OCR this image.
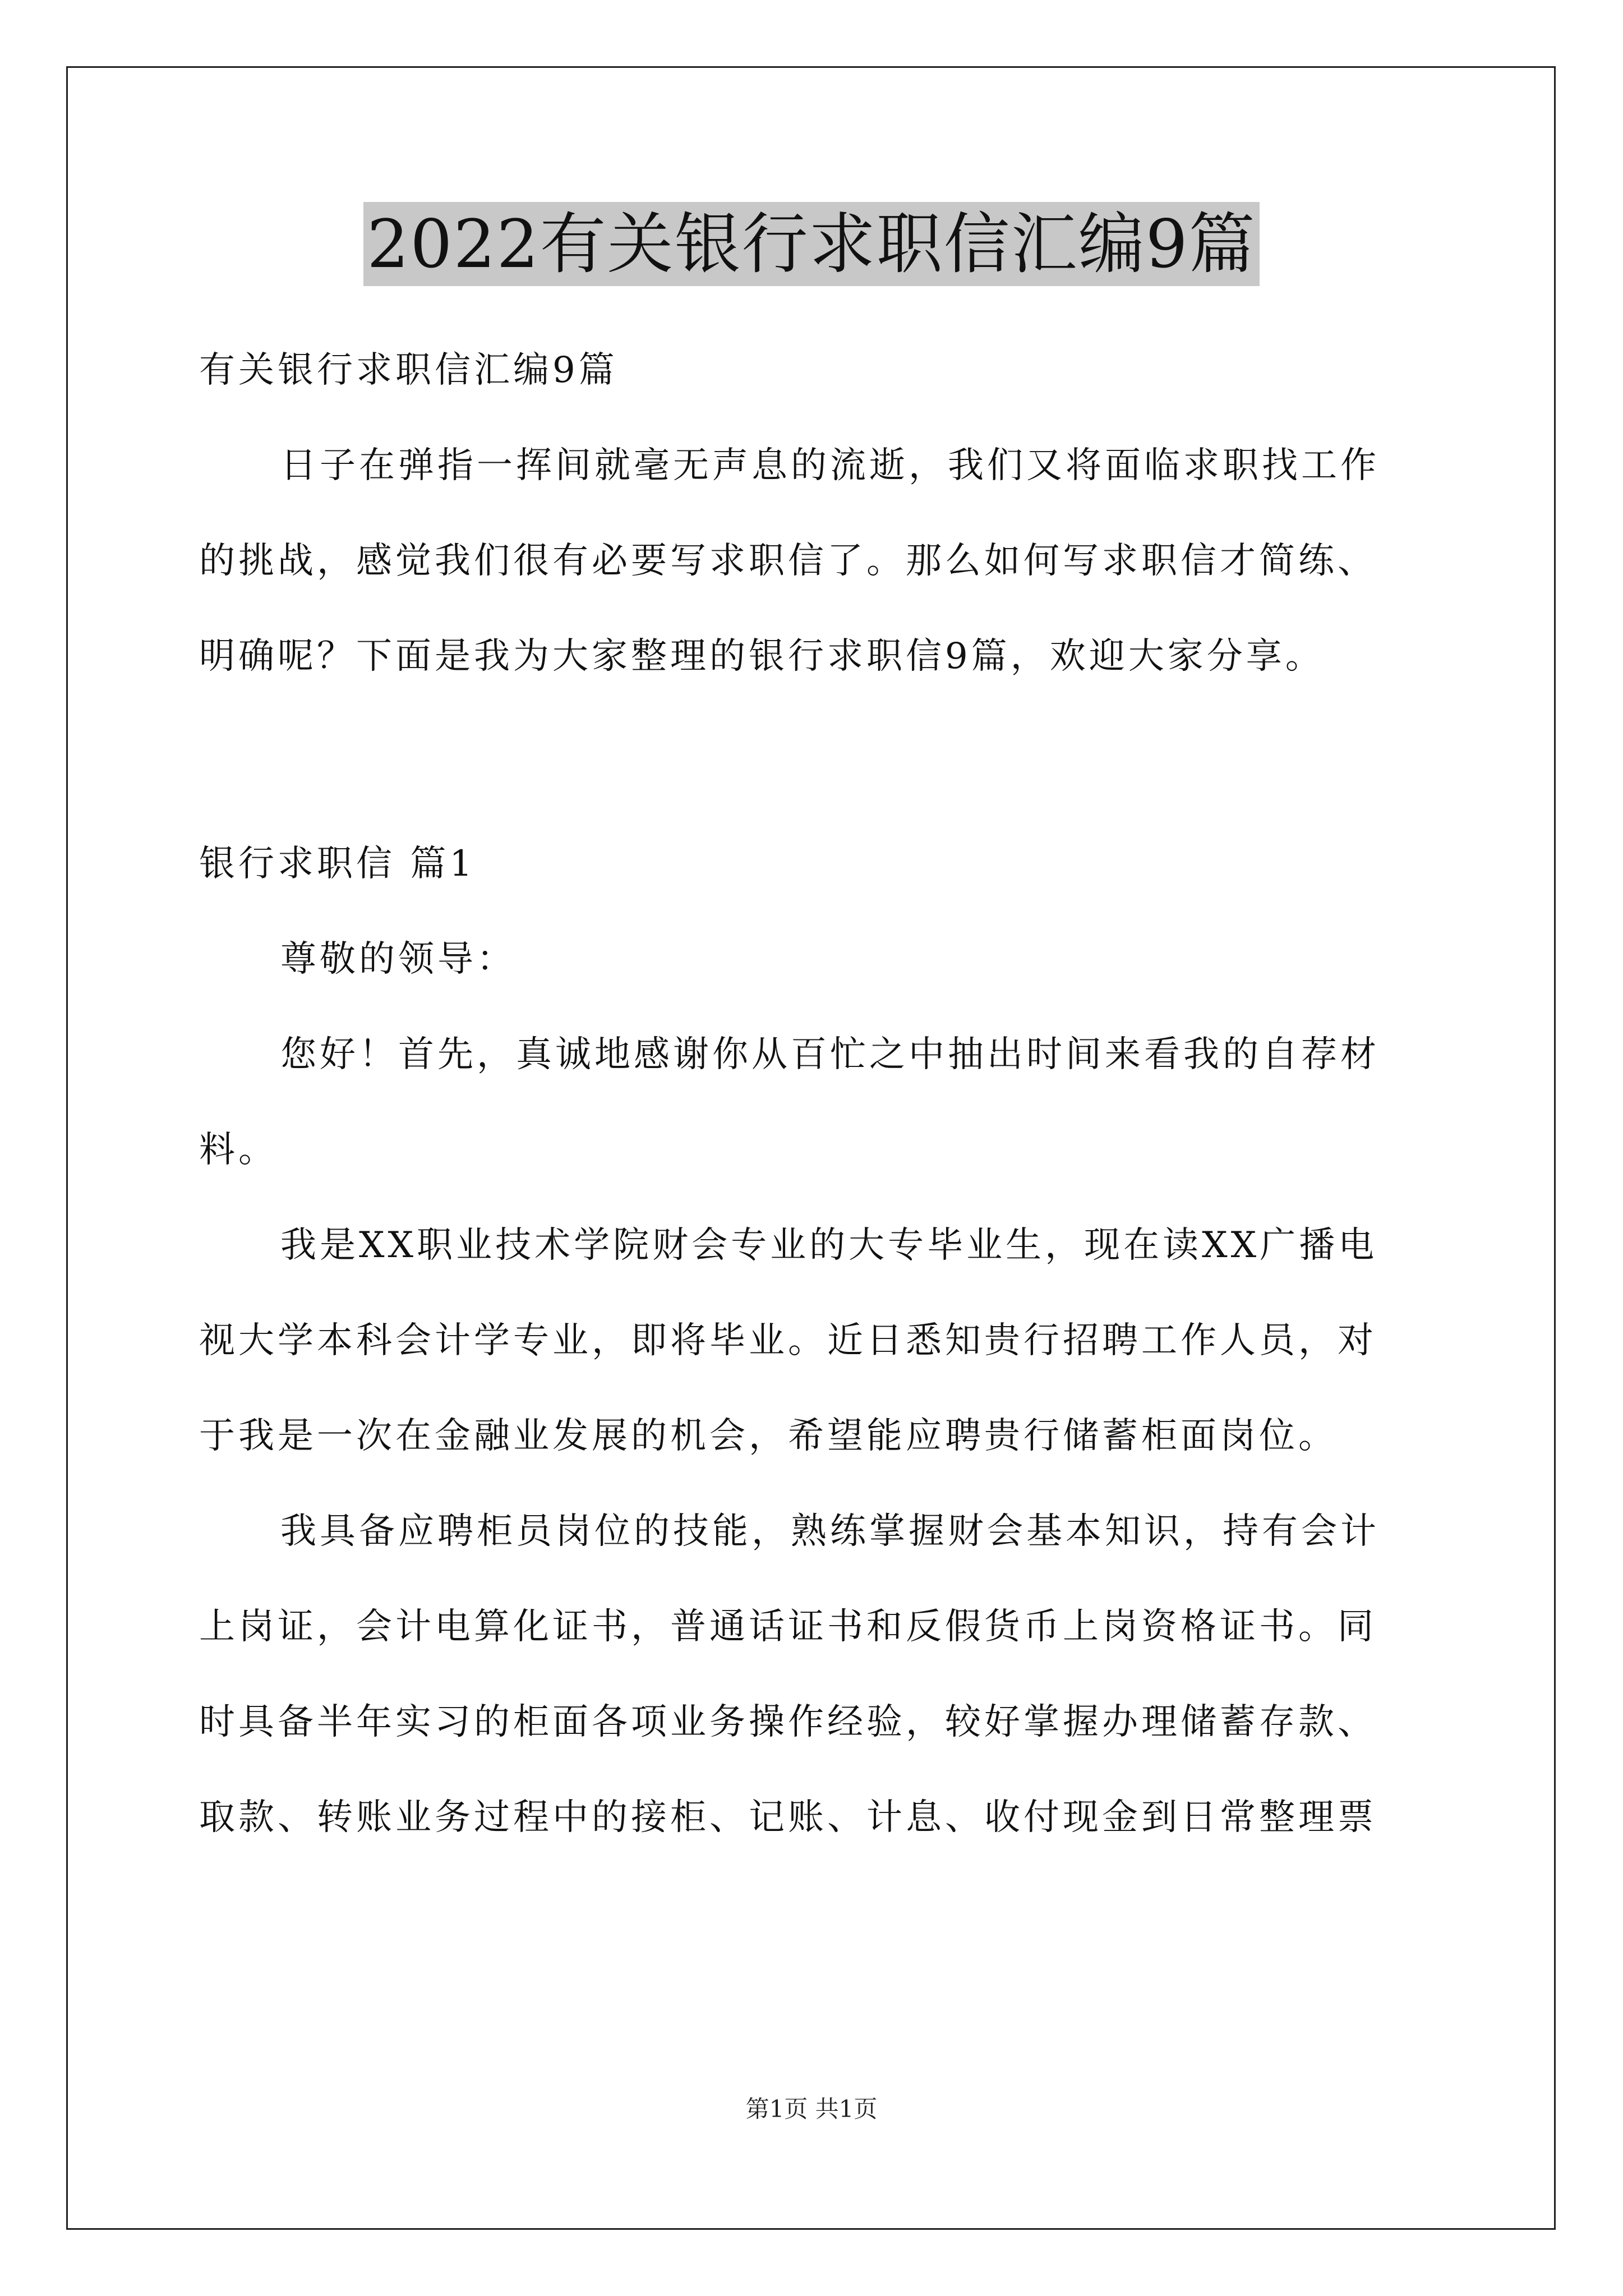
2022有关银行求职信汇编9篇
有关银行求职信汇编9篇
日子在弹指一挥间就毫无声息的流逝，我们又将面临求职找工作
的挑战，感觉我们很有必要写求职信了。那么如何写求职信才简练、
明确呢？下面是我为大家整理的银行求职信9篇，欢迎大家分享。
银行求职信 篇1
尊敬的领导：
您好！首先，真诚地感谢你从百忙之中抽出时间来看我的自荐材
料。
我是XX职业技术学院财会专业的大专毕业生，现在读XX广播电
视大学本科会计学专业，即将毕业。近日悉知贵行招聘工作人员，对
于我是一次在金融业发展的机会，希望能应聘贵行储蓄柜面岗位。
我具备应聘柜员岗位的技能，熟练掌握财会基本知识，持有会计
上岗证，会计电算化证书，普通话证书和反假货币上岗资格证书。同
时具备半年实习的柜面各项业务操作经验，较好掌握办理储蓄存款、
取款、转账业务过程中的接柜、记账、计息、收付现金到日常整理票
第1页 共1页
